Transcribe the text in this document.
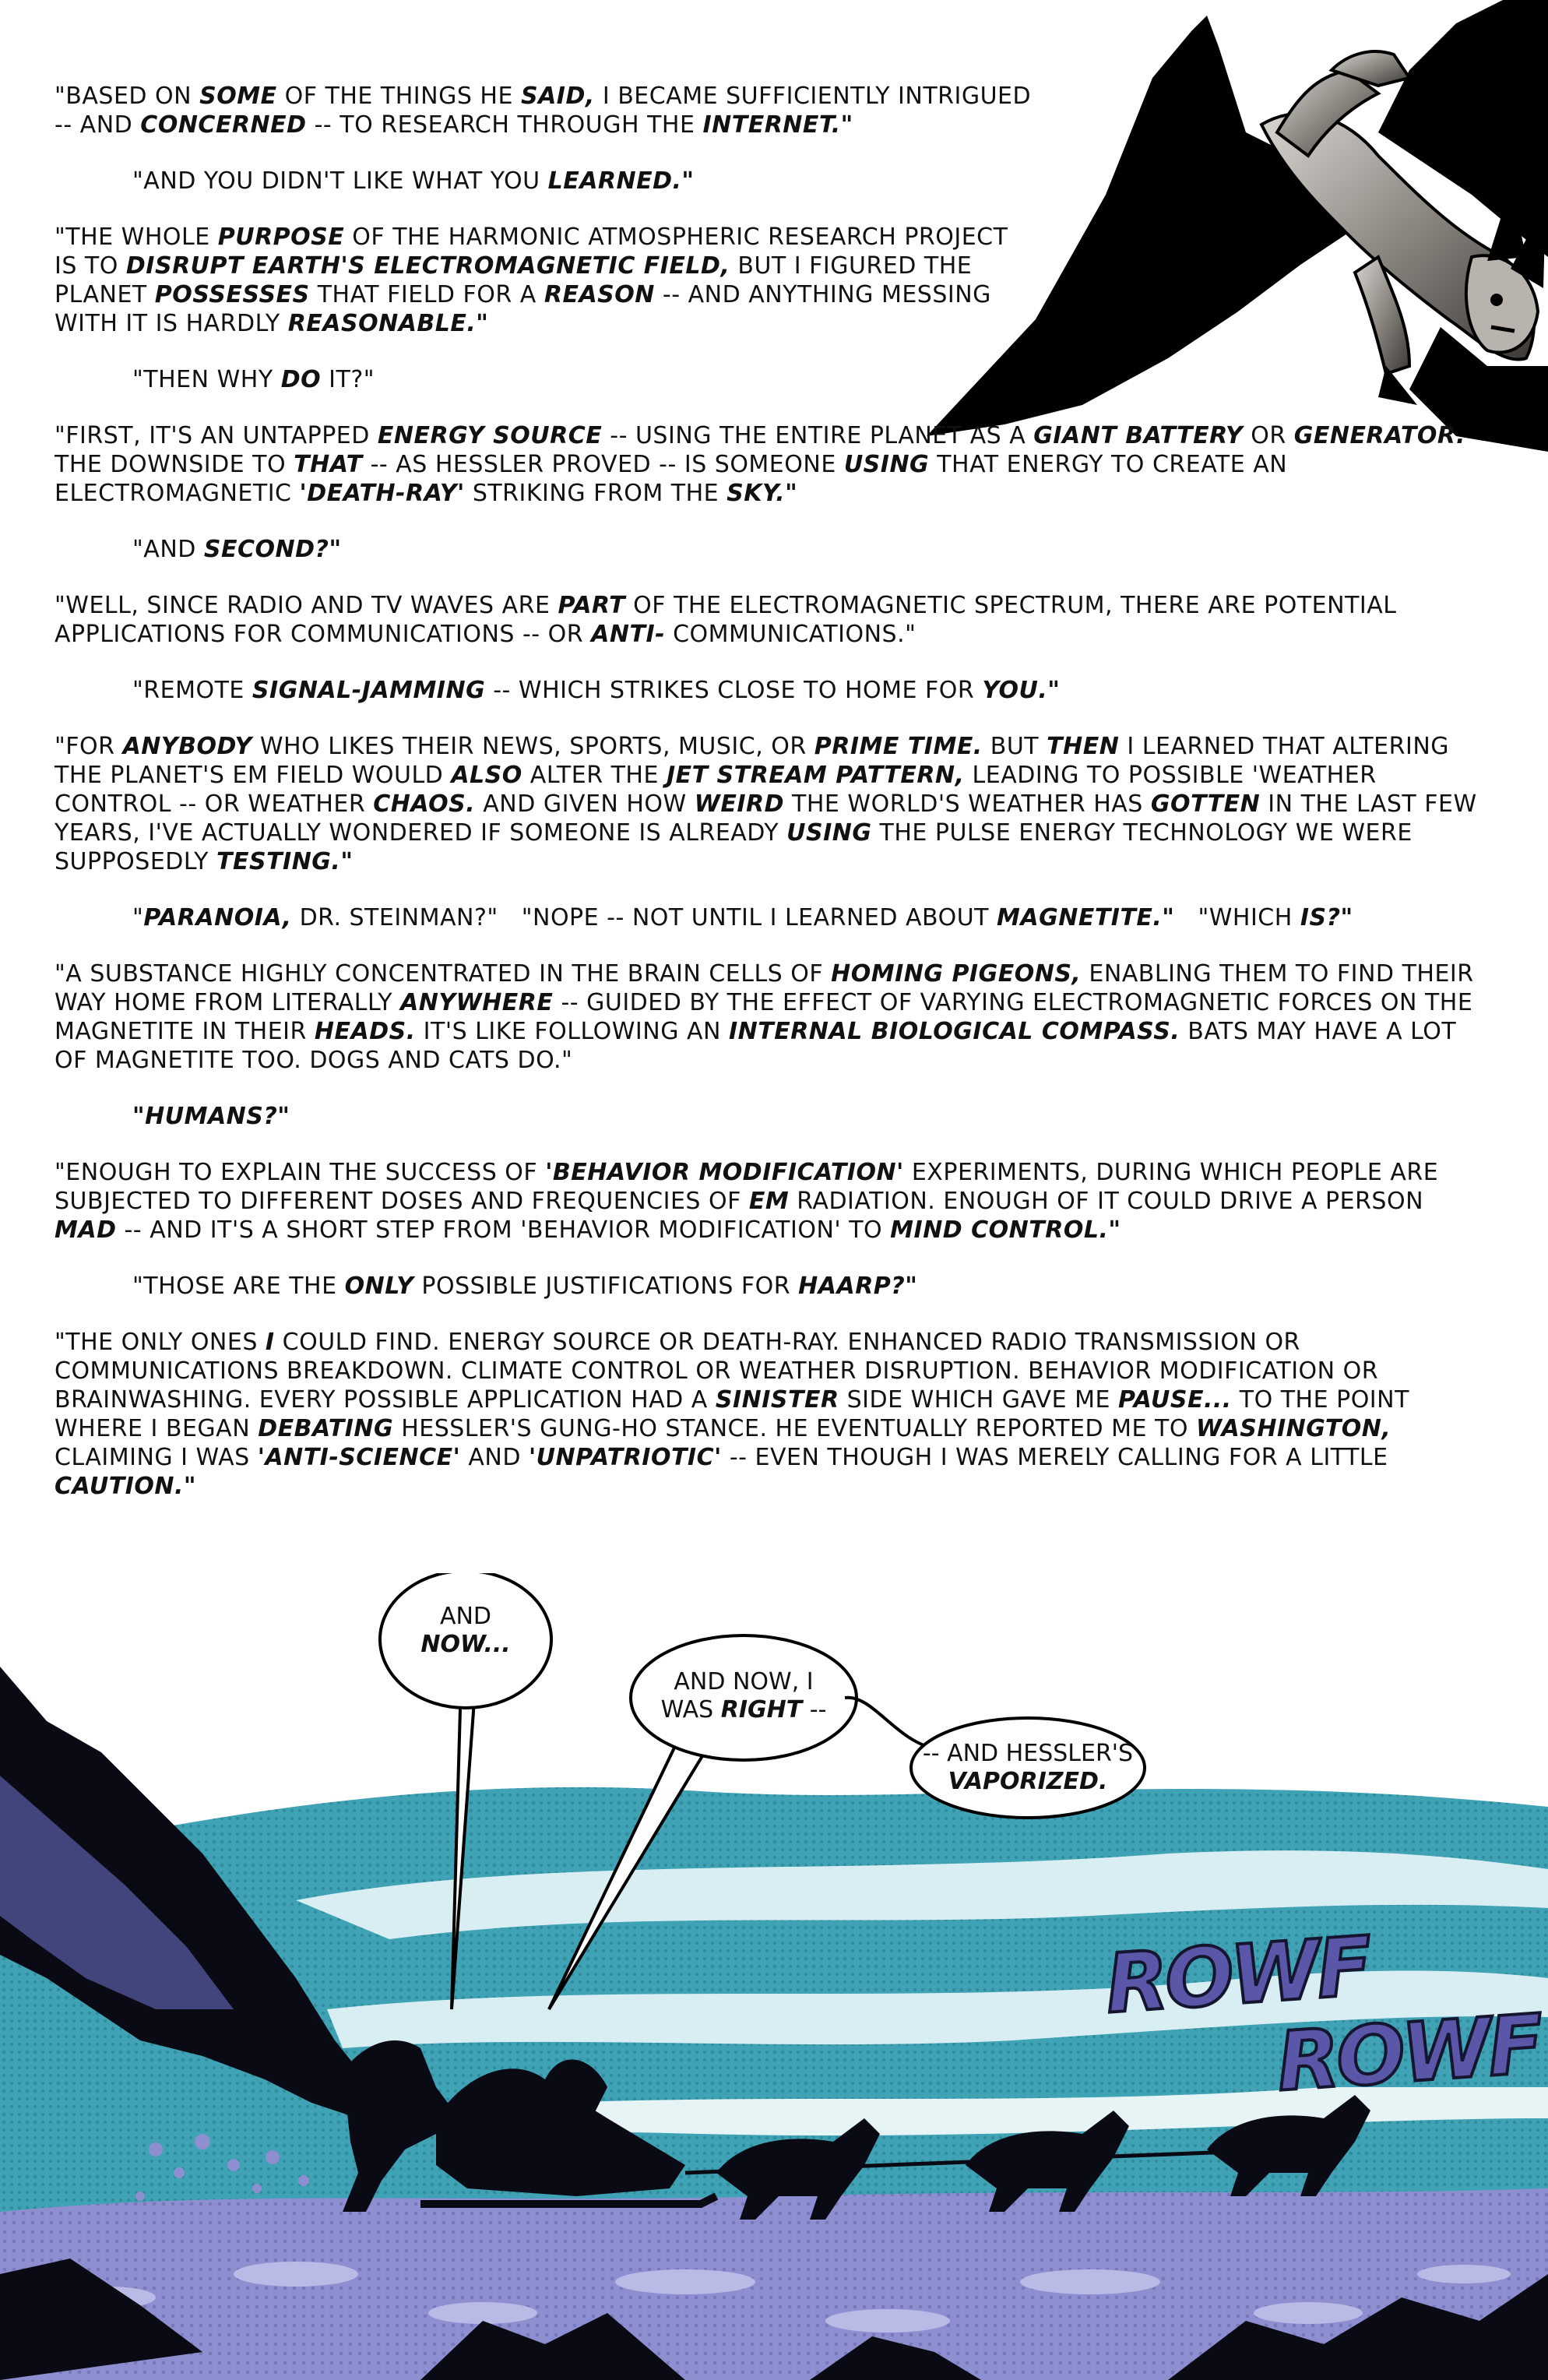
"BASED ON SOME OF THE THINGS HE SAID, I BECAME SUFFICIENTLY INTRIGUED -- AND CONCERNED -- TO RESEARCH THROUGH THE INTERNET."

"AND YOU DIDN'T LIKE WHAT YOU LEARNED."

"THE WHOLE PURPOSE OF THE HARMONIC ATMOSPHERIC RESEARCH PROJECT IS TO DISRUPT EARTH'S ELECTROMAGNETIC FIELD, BUT I FIGURED THE PLANET POSSESSES THAT FIELD FOR A REASON -- AND ANYTHING MESSING WITH IT IS HARDLY REASONABLE."

"THEN WHY DO IT?"

"FIRST, IT'S AN UNTAPPED ENERGY SOURCE -- USING THE ENTIRE PLANET AS A GIANT BATTERY OR GENERATOR. THE DOWNSIDE TO THAT -- AS HESSLER PROVED -- IS SOMEONE USING THAT ENERGY TO CREATE AN ELECTROMAGNETIC 'DEATH-RAY' STRIKING FROM THE SKY."

"AND SECOND?"

"WELL, SINCE RADIO AND TV WAVES ARE PART OF THE ELECTROMAGNETIC SPECTRUM, THERE ARE POTENTIAL APPLICATIONS FOR COMMUNICATIONS -- OR ANTI- COMMUNICATIONS."

"REMOTE SIGNAL-JAMMING -- WHICH STRIKES CLOSE TO HOME FOR YOU."

"FOR ANYBODY WHO LIKES THEIR NEWS, SPORTS, MUSIC, OR PRIME TIME. BUT THEN I LEARNED THAT ALTERING THE PLANET'S EM FIELD WOULD ALSO ALTER THE JET STREAM PATTERN, LEADING TO POSSIBLE 'WEATHER CONTROL -- OR WEATHER CHAOS. AND GIVEN HOW WEIRD THE WORLD'S WEATHER HAS GOTTEN IN THE LAST FEW YEARS, I'VE ACTUALLY WONDERED IF SOMEONE IS ALREADY USING THE PULSE ENERGY TECHNOLOGY WE WERE SUPPOSEDLY TESTING."

"PARANOIA, DR. STEINMAN?" "NOPE -- NOT UNTIL I LEARNED ABOUT MAGNETITE." "WHICH IS?"

"A SUBSTANCE HIGHLY CONCENTRATED IN THE BRAIN CELLS OF HOMING PIGEONS, ENABLING THEM TO FIND THEIR WAY HOME FROM LITERALLY ANYWHERE -- GUIDED BY THE EFFECT OF VARYING ELECTROMAGNETIC FORCES ON THE MAGNETITE IN THEIR HEADS. IT'S LIKE FOLLOWING AN INTERNAL BIOLOGICAL COMPASS. BATS MAY HAVE A LOT OF MAGNETITE TOO. DOGS AND CATS DO."

"HUMANS?"

"ENOUGH TO EXPLAIN THE SUCCESS OF 'BEHAVIOR MODIFICATION' EXPERIMENTS, DURING WHICH PEOPLE ARE SUBJECTED TO DIFFERENT DOSES AND FREQUENCIES OF EM RADIATION. ENOUGH OF IT COULD DRIVE A PERSON MAD -- AND IT'S A SHORT STEP FROM 'BEHAVIOR MODIFICATION' TO MIND CONTROL."

"THOSE ARE THE ONLY POSSIBLE JUSTIFICATIONS FOR HAARP?"

"THE ONLY ONES I COULD FIND. ENERGY SOURCE OR DEATH-RAY. ENHANCED RADIO TRANSMISSION OR COMMUNICATIONS BREAKDOWN. CLIMATE CONTROL OR WEATHER DISRUPTION. BEHAVIOR MODIFICATION OR BRAINWASHING. EVERY POSSIBLE APPLICATION HAD A SINISTER SIDE WHICH GAVE ME PAUSE... TO THE POINT WHERE I BEGAN DEBATING HESSLER'S GUNG-HO STANCE. HE EVENTUALLY REPORTED ME TO WASHINGTON, CLAIMING I WAS 'ANTI-SCIENCE' AND 'UNPATRIOTIC' -- EVEN THOUGH I WAS MERELY CALLING FOR A LITTLE CAUTION."

AND
NOW...
AND NOW, I
WAS RIGHT --
-- AND HESSLER'S
VAPORIZED.
ROWF
ROWF
